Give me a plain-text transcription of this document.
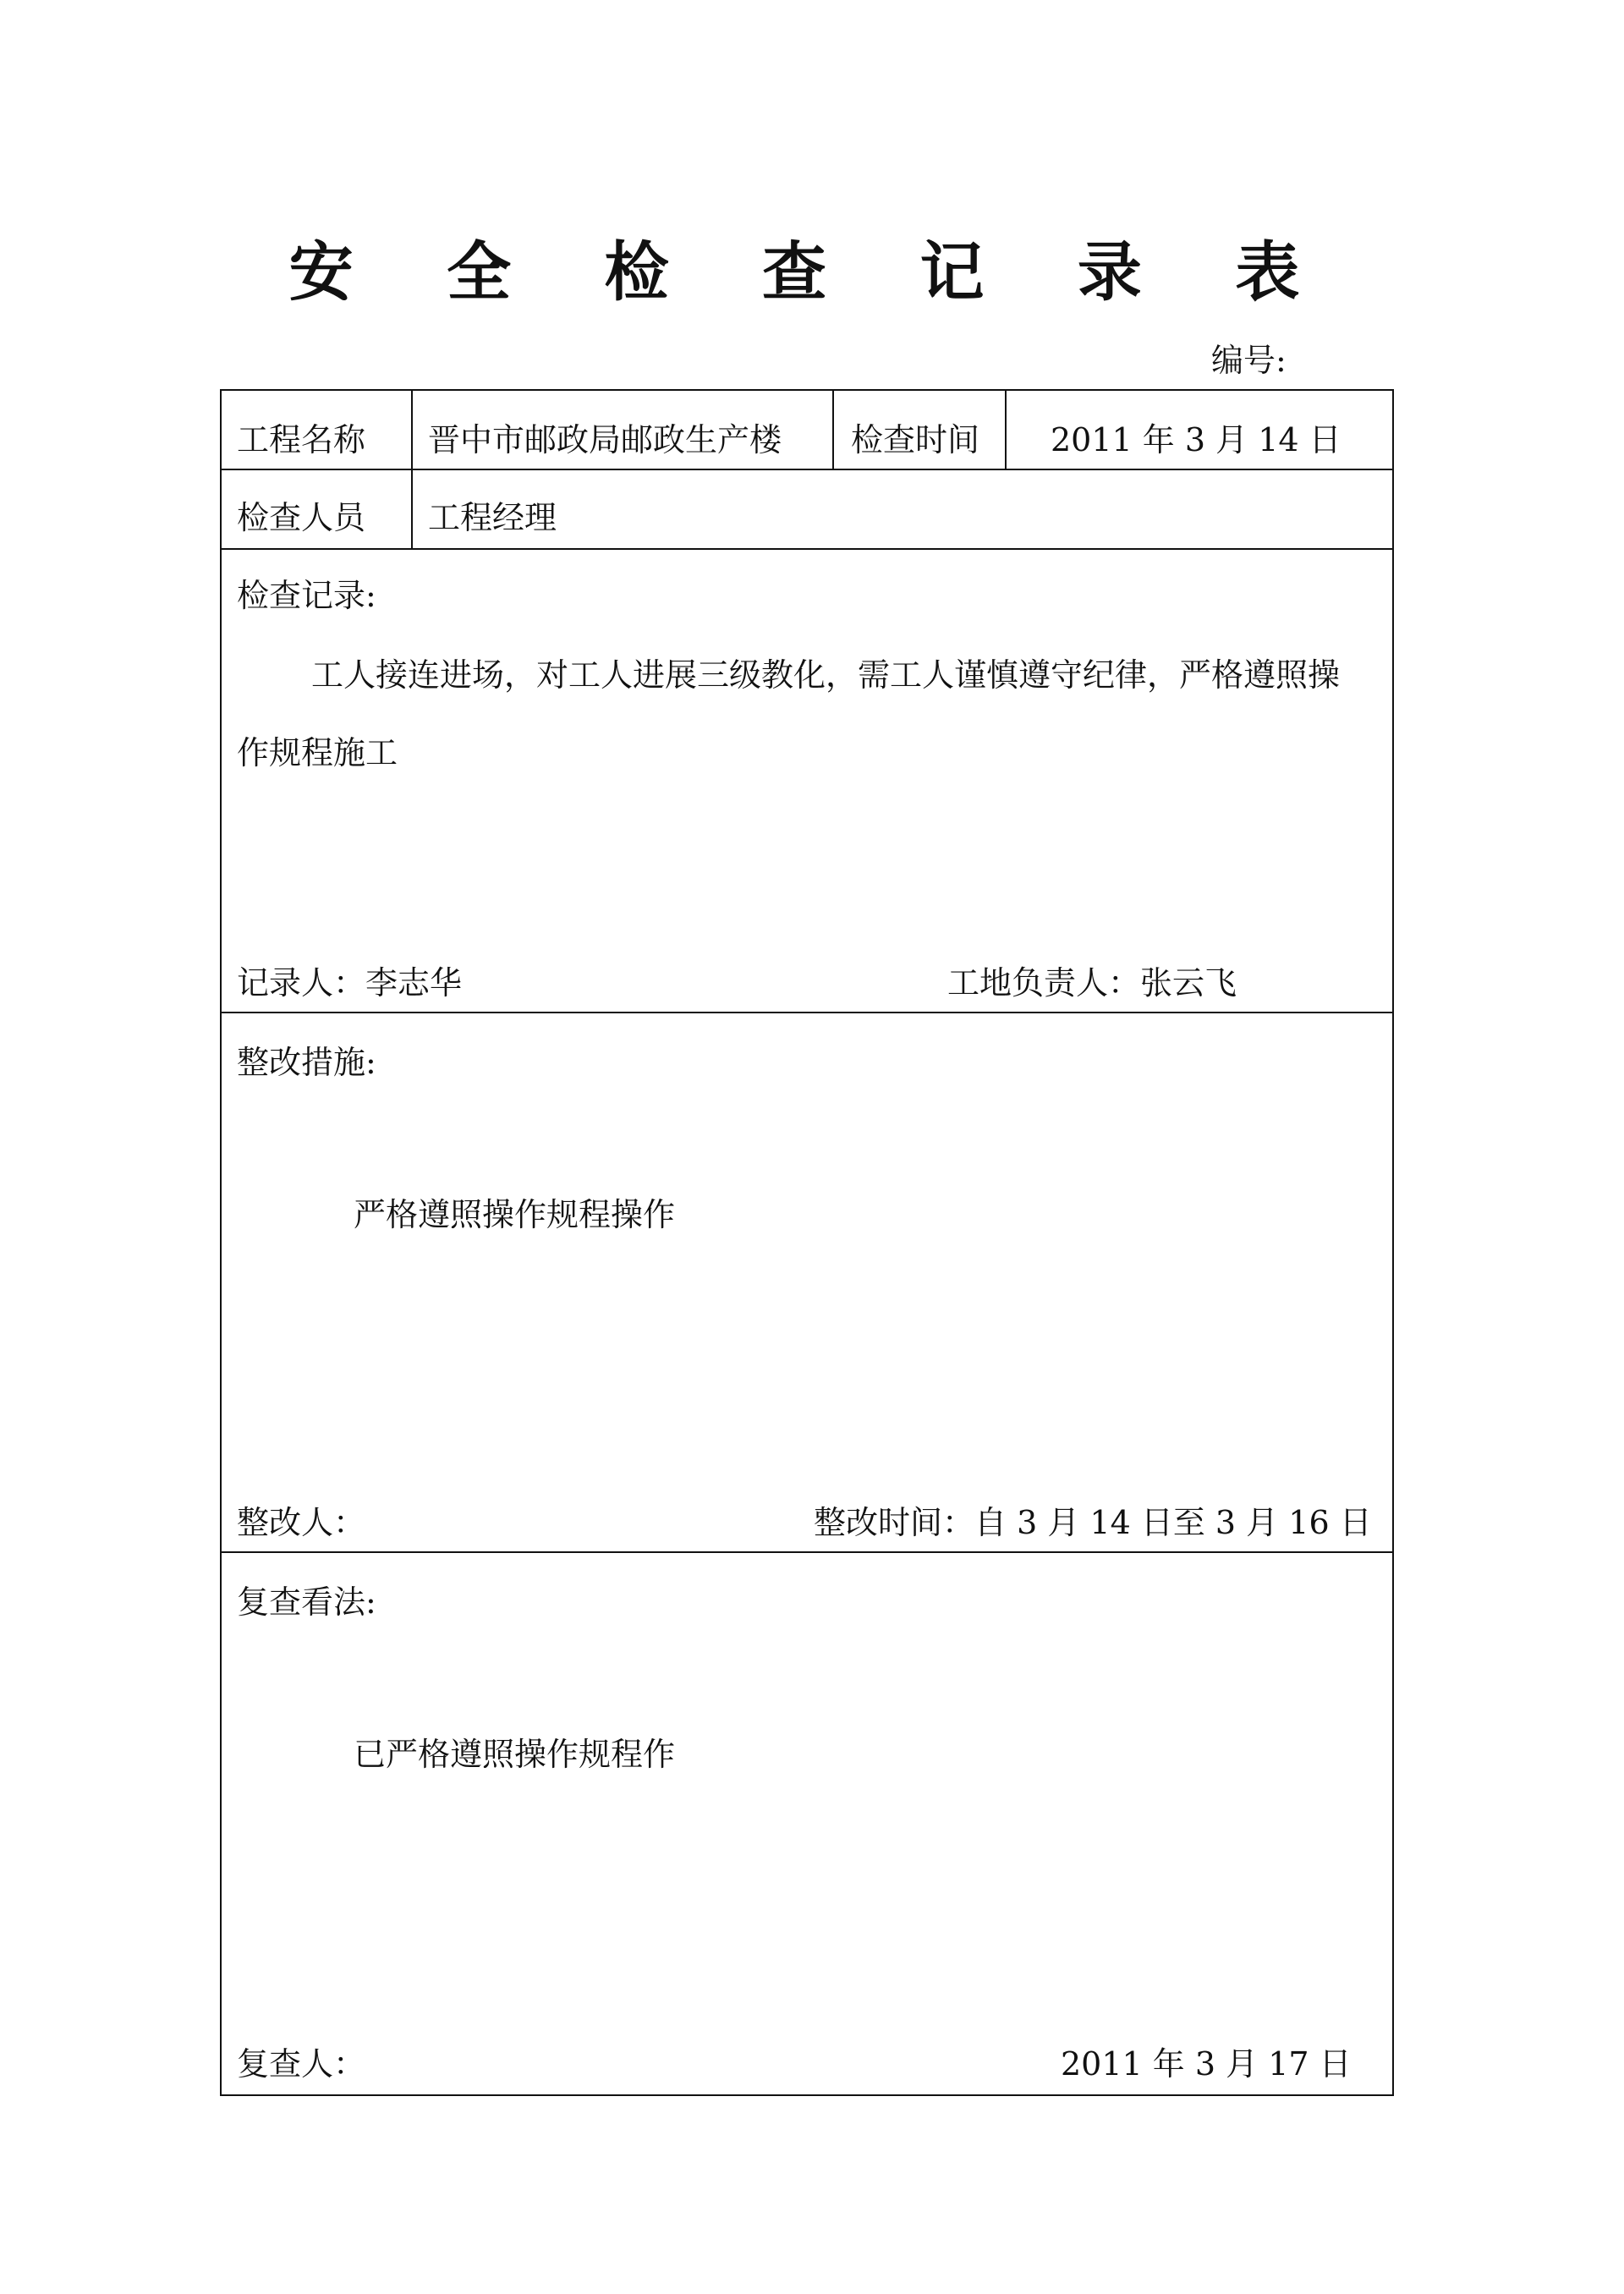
安 全 检 查 记 录 表
编号:
工程名称 晋中市邮政局邮政生产楼 检查时间 2011 年 3 月 14 日
检查人员 工程经理
检查记录:
工人接连进场，对工人进展三级教化，需工人谨慎遵守纪律，严格遵照操作规程施工
记录人：李志华	工地负责人：张云飞
整改措施:
严格遵照操作规程操作
整改人：	整改时间：自 3 月 14 日至 3 月 16 日
复查看法:
已严格遵照操作规程作
复查人：	2011 年 3 月 17 日
